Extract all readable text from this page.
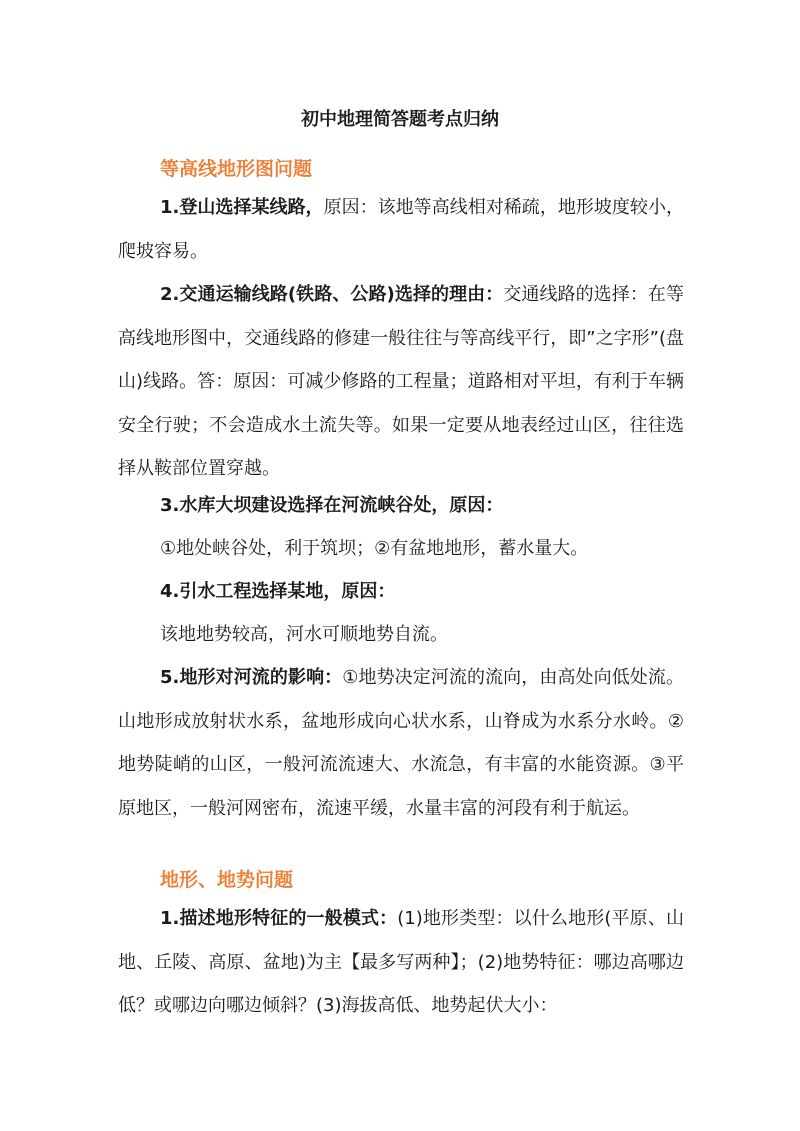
初中地理简答题考点归纳
等高线地形图问题

1.登山选择某线路，原因：该地等高线相对稀疏，地形坡度较小，爬坡容易。

2.交通运输线路(铁路、公路)选择的理由：交通线路的选择：在等高线地形图中，交通线路的修建一般往往与等高线平行，即”之字形”(盘山)线路。答：原因：可减少修路的工程量；道路相对平坦，有利于车辆安全行驶；不会造成水土流失等。如果一定要从地表经过山区，往往选择从鞍部位置穿越。

3.水库大坝建设选择在河流峡谷处，原因：

①地处峡谷处，利于筑坝；②有盆地地形，蓄水量大。

4.引水工程选择某地，原因：

该地地势较高，河水可顺地势自流。

5.地形对河流的影响：①地势决定河流的流向，由高处向低处流。山地形成放射状水系，盆地形成向心状水系，山脊成为水系分水岭。②地势陡峭的山区，一般河流流速大、水流急，有丰富的水能资源。③平原地区，一般河网密布，流速平缓，水量丰富的河段有利于航运。

地形、地势问题

1.描述地形特征的一般模式：(1)地形类型：以什么地形(平原、山地、丘陵、高原、盆地)为主【最多写两种】；(2)地势特征：哪边高哪边低？或哪边向哪边倾斜？(3)海拔高低、地势起伏大小：
